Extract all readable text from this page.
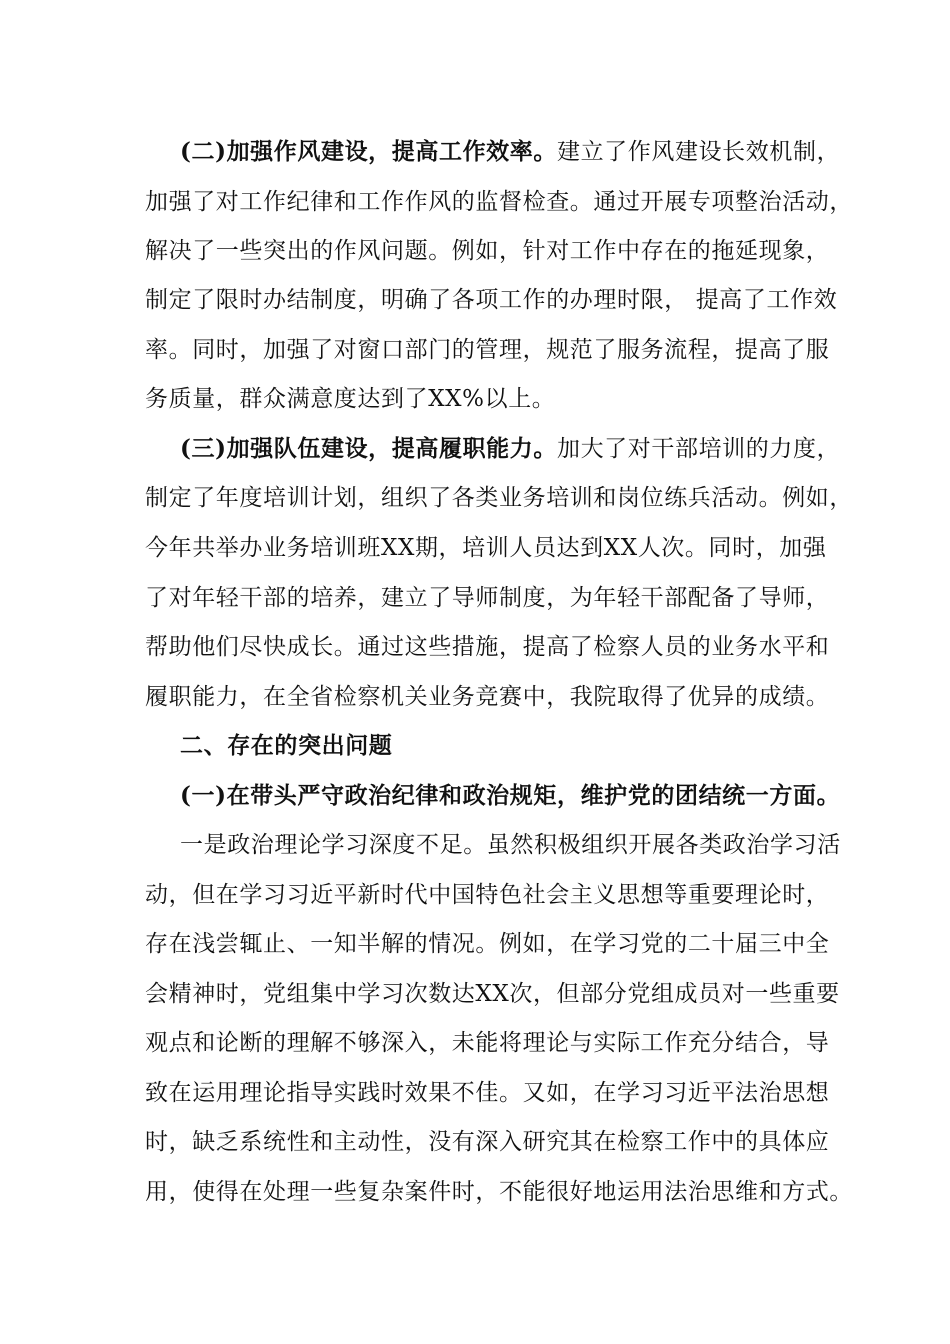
(二)加强作风建设，提高工作效率。建立了作风建设长效机制，
加强了对工作纪律和工作作风的监督检查。通过开展专项整治活动，
解决了一些突出的作风问题。例如，针对工作中存在的拖延现象，
制定了限时办结制度，明确了各项工作的办理时限， 提高了工作效
率。同时，加强了对窗口部门的管理，规范了服务流程，提高了服
务质量，群众满意度达到了XX%以上。
(三)加强队伍建设，提高履职能力。加大了对干部培训的力度，
制定了年度培训计划，组织了各类业务培训和岗位练兵活动。例如，
今年共举办业务培训班XX期，培训人员达到XX人次。同时，加强
了对年轻干部的培养，建立了导师制度，为年轻干部配备了导师，
帮助他们尽快成长。通过这些措施，提高了检察人员的业务水平和
履职能力，在全省检察机关业务竞赛中，我院取得了优异的成绩。
二、存在的突出问题
(一)在带头严守政治纪律和政治规矩，维护党的团结统一方面。
一是政治理论学习深度不足。虽然积极组织开展各类政治学习活
动，但在学习习近平新时代中国特色社会主义思想等重要理论时，
存在浅尝辄止、一知半解的情况。例如，在学习党的二十届三中全
会精神时，党组集中学习次数达XX次，但部分党组成员对一些重要
观点和论断的理解不够深入，未能将理论与实际工作充分结合，导
致在运用理论指导实践时效果不佳。又如，在学习习近平法治思想
时，缺乏系统性和主动性，没有深入研究其在检察工作中的具体应
用，使得在处理一些复杂案件时，不能很好地运用法治思维和方式。
